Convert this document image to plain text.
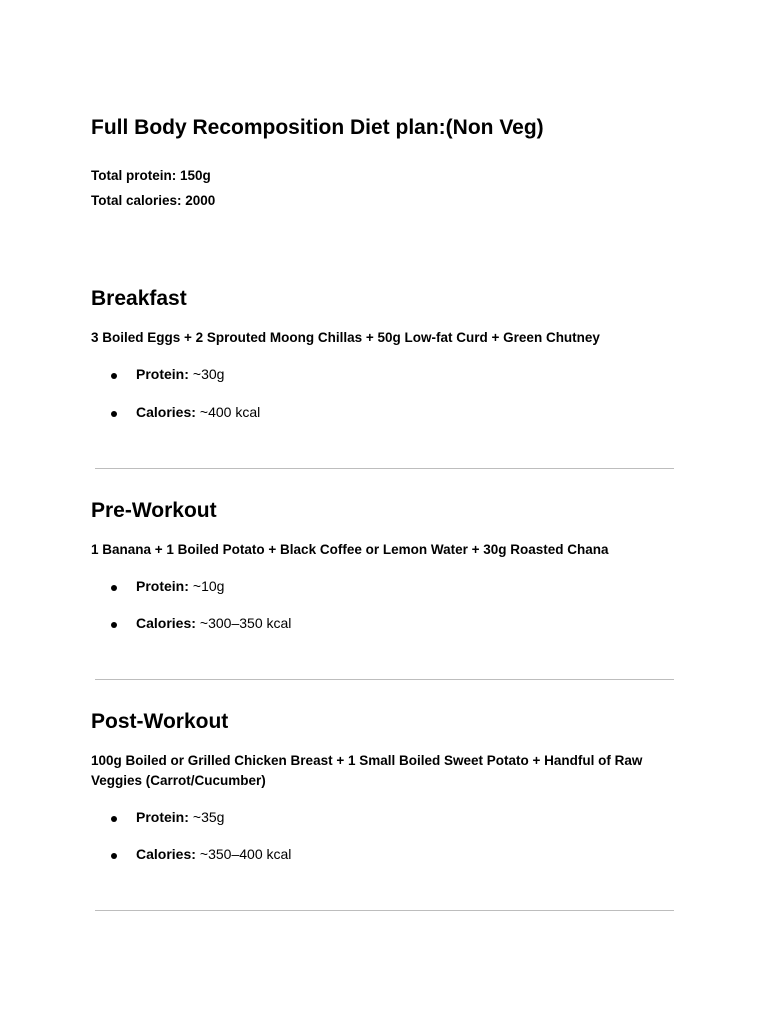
Full Body Recomposition Diet plan:(Non Veg)

Total protein: 150g

Total calories: 2000

Breakfast

3 Boiled Eggs + 2 Sprouted Moong Chillas + 50g Low-fat Curd + Green Chutney

Protein: ~30g
Calories: ~400 kcal
Pre-Workout

1 Banana + 1 Boiled Potato + Black Coffee or Lemon Water + 30g Roasted Chana

Protein: ~10g
Calories: ~300–350 kcal
Post-Workout

100g Boiled or Grilled Chicken Breast + 1 Small Boiled Sweet Potato + Handful of Raw Veggies (Carrot/Cucumber)

Protein: ~35g
Calories: ~350–400 kcal
